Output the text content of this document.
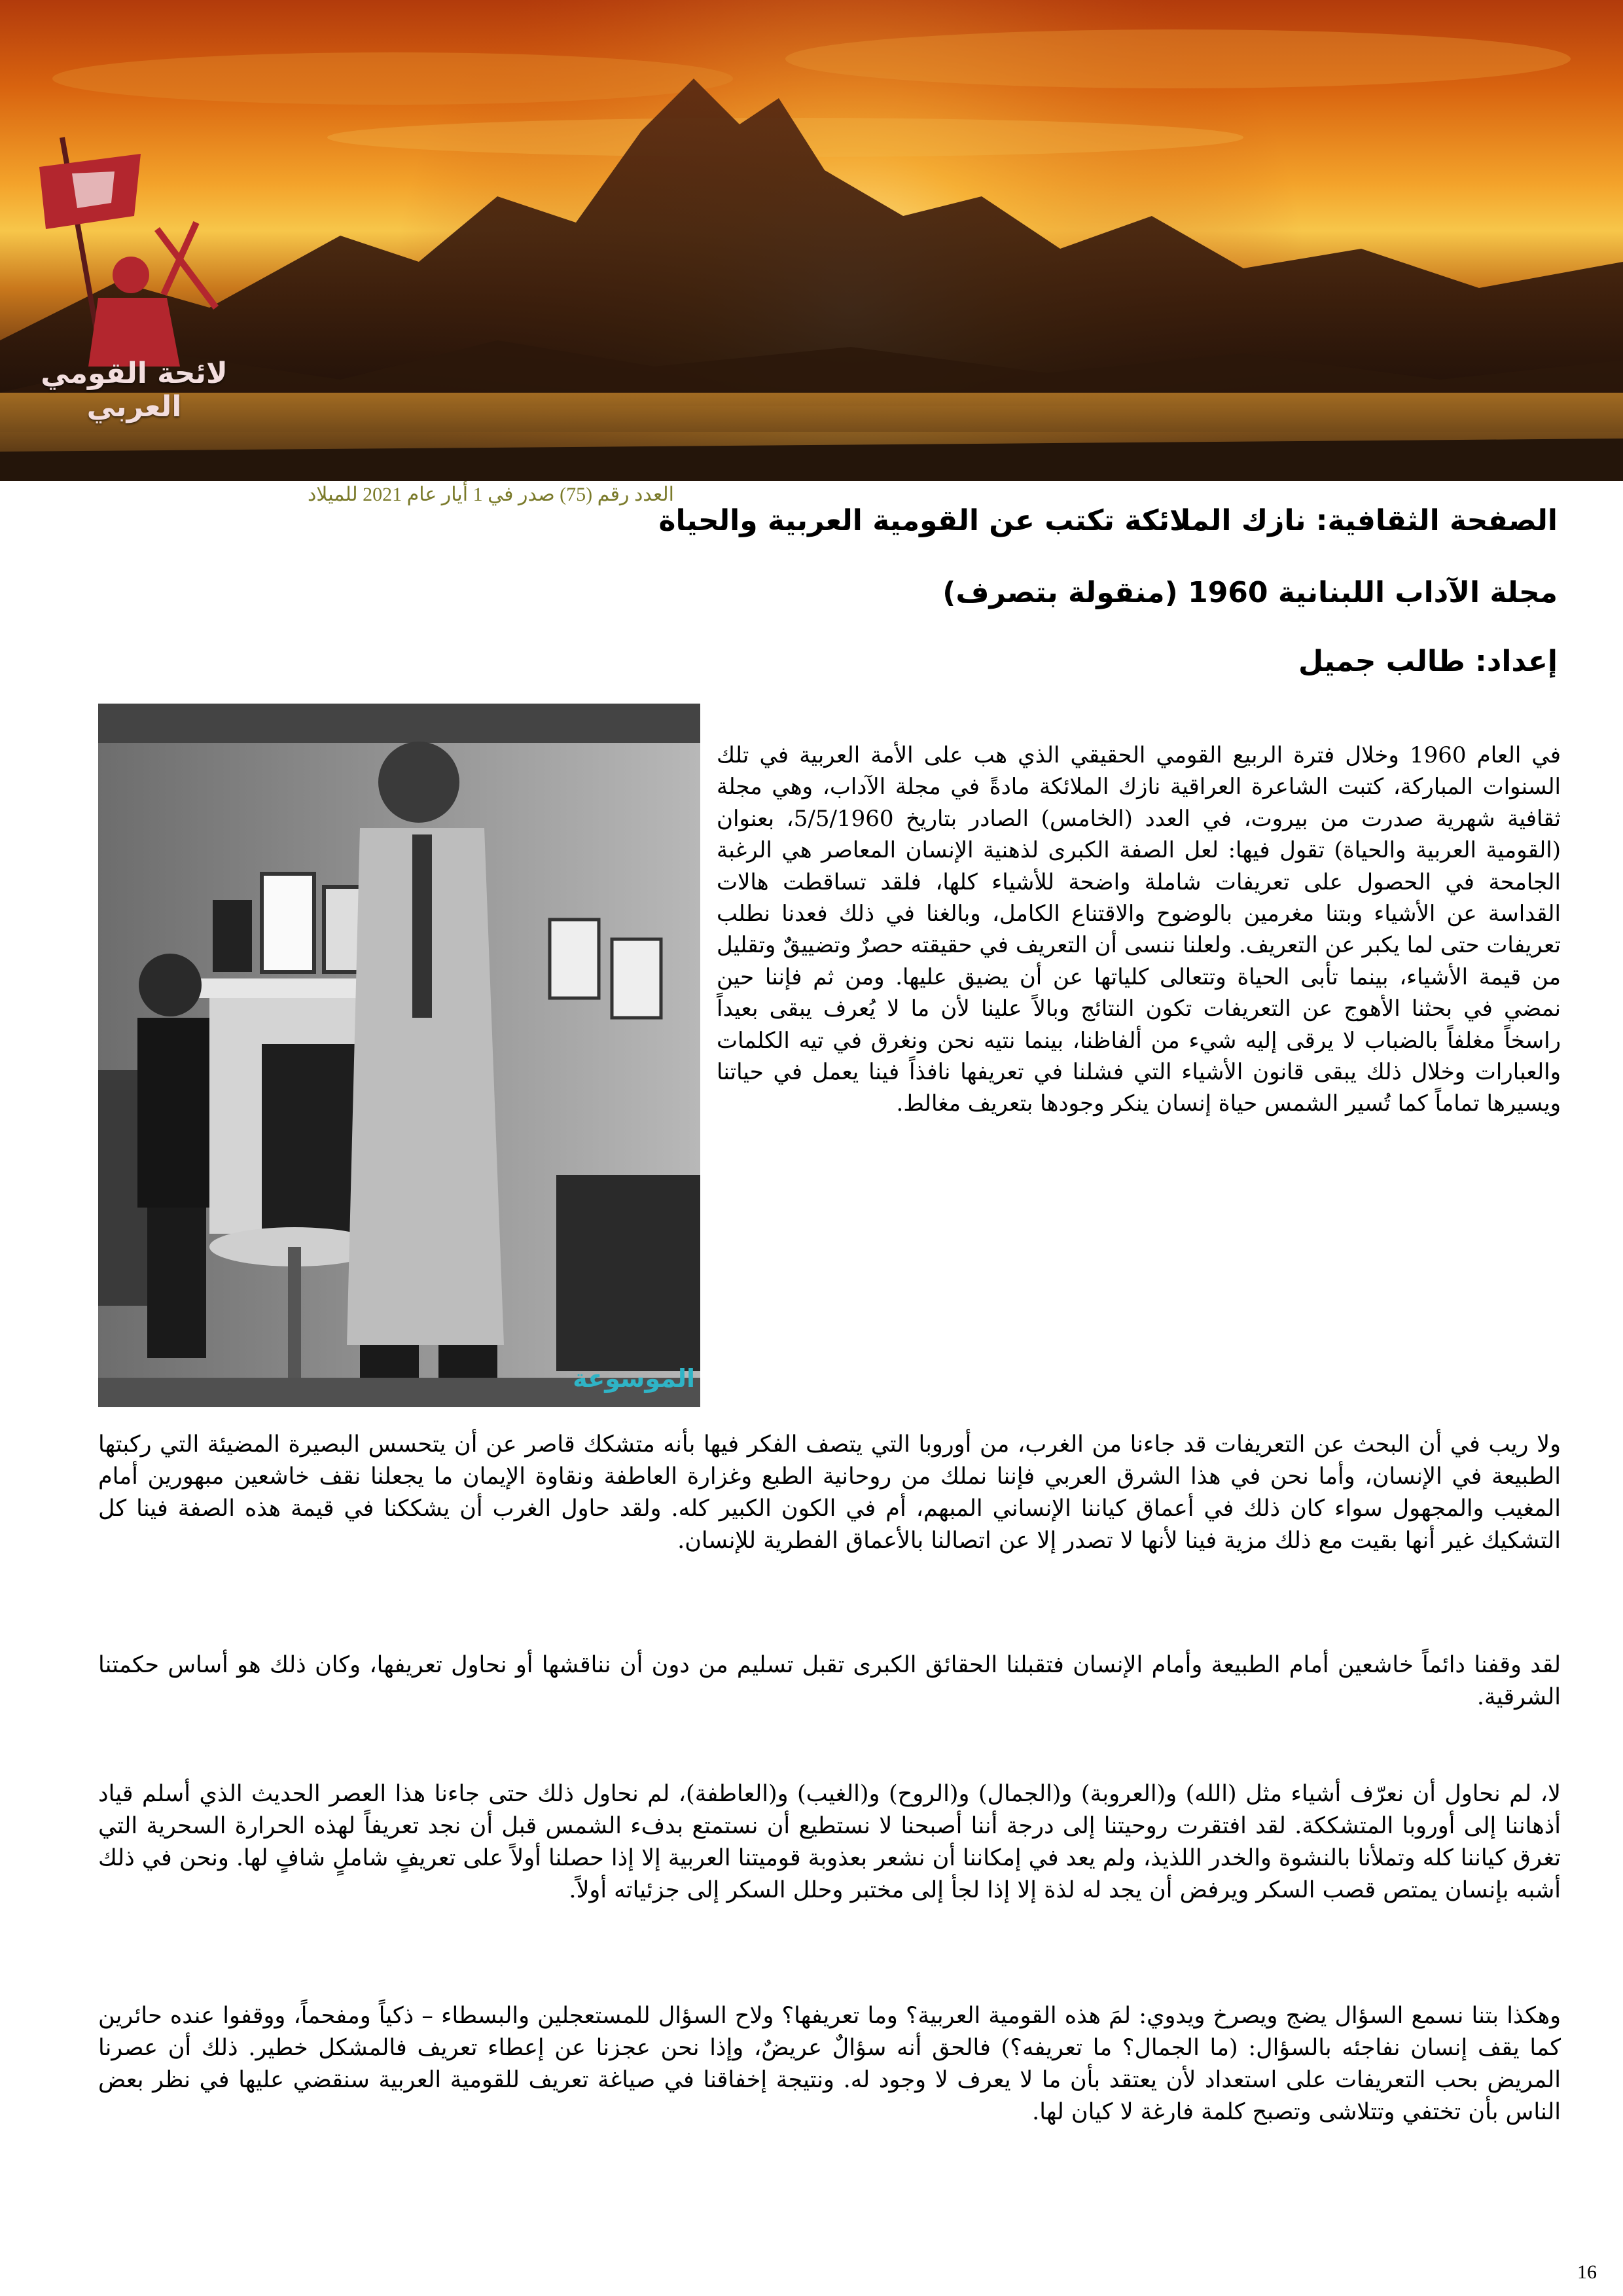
لائحة القومي العربي
العدد رقم (75) صدر في 1 أيار عام 2021 للميلاد
الصفحة الثقافية: نازك الملائكة تكتب عن القومية العربية والحياة
مجلة الآداب اللبنانية 1960 (منقولة بتصرف)
إعداد: طالب جميل
الموسوعة

في العام 1960 وخلال فترة الربيع القومي الحقيقي الذي هب على الأمة العربية في تلك السنوات المباركة، كتبت الشاعرة العراقية نازك الملائكة مادةً في مجلة الآداب، وهي مجلة ثقافية شهرية صدرت من بيروت، في العدد (الخامس) الصادر بتاريخ 5/5/1960، بعنوان (القومية العربية والحياة) تقول فيها: لعل الصفة الكبرى لذهنية الإنسان المعاصر هي الرغبة الجامحة في الحصول على تعريفات شاملة واضحة للأشياء كلها، فلقد تساقطت هالات القداسة عن الأشياء وبتنا مغرمين بالوضوح والاقتناع الكامل، وبالغنا في ذلك فعدنا نطلب تعريفات حتى لما يكبر عن التعريف. ولعلنا ننسى أن التعريف في حقيقته حصرٌ وتضييقٌ وتقليل من قيمة الأشياء، بينما تأبى الحياة وتتعالى كلياتها عن أن يضيق عليها. ومن ثم فإننا حين نمضي في بحثنا الأهوج عن التعريفات تكون النتائج وبالاً علينا لأن ما لا يُعرف يبقى بعيداً راسخاً مغلفاً بالضباب لا يرقى إليه شيء من ألفاظنا، بينما نتيه نحن ونغرق في تيه الكلمات والعبارات وخلال ذلك يبقى قانون الأشياء التي فشلنا في تعريفها نافذاً فينا يعمل في حياتنا ويسيرها تماماً كما تُسير الشمس حياة إنسان ينكر وجودها بتعريف مغالط.

ولا ريب في أن البحث عن التعريفات قد جاءنا من الغرب، من أوروبا التي يتصف الفكر فيها بأنه متشكك قاصر عن أن يتحسس البصيرة المضيئة التي ركبتها الطبيعة في الإنسان، وأما نحن في هذا الشرق العربي فإننا نملك من روحانية الطبع وغزارة العاطفة ونقاوة الإيمان ما يجعلنا نقف خاشعين مبهورين أمام المغيب والمجهول سواء كان ذلك في أعماق كياننا الإنساني المبهم، أم في الكون الكبير كله. ولقد حاول الغرب أن يشككنا في قيمة هذه الصفة فينا كل التشكيك غير أنها بقيت مع ذلك مزية فينا لأنها لا تصدر إلا عن اتصالنا بالأعماق الفطرية للإنسان.

لقد وقفنا دائماً خاشعين أمام الطبيعة وأمام الإنسان فتقبلنا الحقائق الكبرى تقبل تسليم من دون أن نناقشها أو نحاول تعريفها، وكان ذلك هو أساس حكمتنا الشرقية.

لا، لم نحاول أن نعرّف أشياء مثل (الله) و(العروبة) و(الجمال) و(الروح) و(الغيب) و(العاطفة)، لم نحاول ذلك حتى جاءنا هذا العصر الحديث الذي أسلم قياد أذهاننا إلى أوروبا المتشككة. لقد افتقرت روحيتنا إلى درجة أننا أصبحنا لا نستطيع أن نستمتع بدفء الشمس قبل أن نجد تعريفاً لهذه الحرارة السحرية التي تغرق كياننا كله وتملأنا بالنشوة والخدر اللذيذ، ولم يعد في إمكاننا أن نشعر بعذوبة قوميتنا العربية إلا إذا حصلنا أولاً على تعريفٍ شاملٍ شافٍ لها. ونحن في ذلك أشبه بإنسان يمتص قصب السكر ويرفض أن يجد له لذة إلا إذا لجأ إلى مختبر وحلل السكر إلى جزئياته أولاً.

وهكذا بتنا نسمع السؤال يضج ويصرخ ويدوي: لمَ هذه القومية العربية؟ وما تعريفها؟ ولاح السؤال للمستعجلين والبسطاء – ذكياً ومفحماً، ووقفوا عنده حائرين كما يقف إنسان نفاجئه بالسؤال: (ما الجمال؟ ما تعريفه؟) فالحق أنه سؤالٌ عريضٌ، وإذا نحن عجزنا عن إعطاء تعريف فالمشكل خطير. ذلك أن عصرنا المريض بحب التعريفات على استعداد لأن يعتقد بأن ما لا يعرف لا وجود له. ونتيجة إخفاقنا في صياغة تعريف للقومية العربية سنقضي عليها في نظر بعض الناس بأن تختفي وتتلاشى وتصبح كلمة فارغة لا كيان لها.

16
